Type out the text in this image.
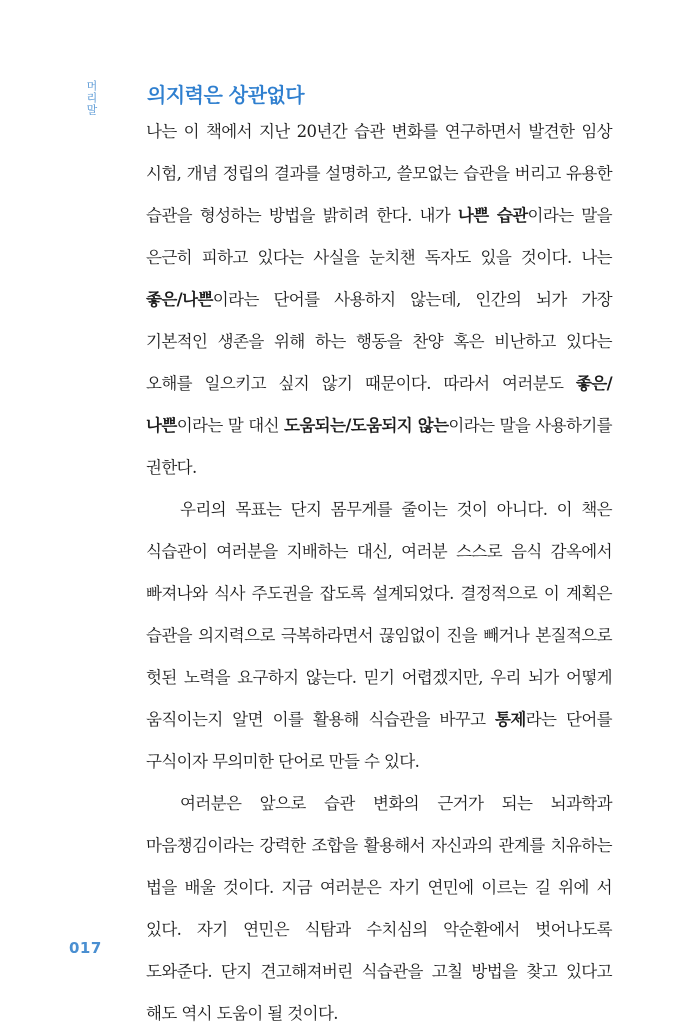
머리말 의지력은 상관없다

나는 이 책에서 지난 20년간 습관 변화를 연구하면서 발견한 임상 시험, 개념 정립의 결과를 설명하고, 쓸모없는 습관을 버리고 유용한 습관을 형성하는 방법을 밝히려 한다. 내가 나쁜 습관이라는 말을 은근히 피하고 있다는 사실을 눈치챈 독자도 있을 것이다. 나는 좋은/나쁜이라는 단어를 사용하지 않는데, 인간의 뇌가 가장 기본적인 생존을 위해 하는 행동을 찬양 혹은 비난하고 있다는 오해를 일으키고 싶지 않기 때문이다. 따라서 여러분도 좋은/나쁜이라는 말 대신 도움되는/도움되지 않는이라는 말을 사용하기를 권한다.

우리의 목표는 단지 몸무게를 줄이는 것이 아니다. 이 책은 식습관이 여러분을 지배하는 대신, 여러분 스스로 음식 감옥에서 빠져나와 식사 주도권을 잡도록 설계되었다. 결정적으로 이 계획은 습관을 의지력으로 극복하라면서 끊임없이 진을 빼거나 본질적으로 헛된 노력을 요구하지 않는다. 믿기 어렵겠지만, 우리 뇌가 어떻게 움직이는지 알면 이를 활용해 식습관을 바꾸고 통제라는 단어를 구식이자 무의미한 단어로 만들 수 있다.

여러분은 앞으로 습관 변화의 근거가 되는 뇌과학과 마음챙김이라는 강력한 조합을 활용해서 자신과의 관계를 치유하는 법을 배울 것이다. 지금 여러분은 자기 연민에 이르는 길 위에 서 있다. 자기 연민은 식탐과 수치심의 악순환에서 벗어나도록 도와준다. 단지 견고해져버린 식습관을 고칠 방법을 찾고 있다고 해도 역시 도움이 될 것이다.

017
